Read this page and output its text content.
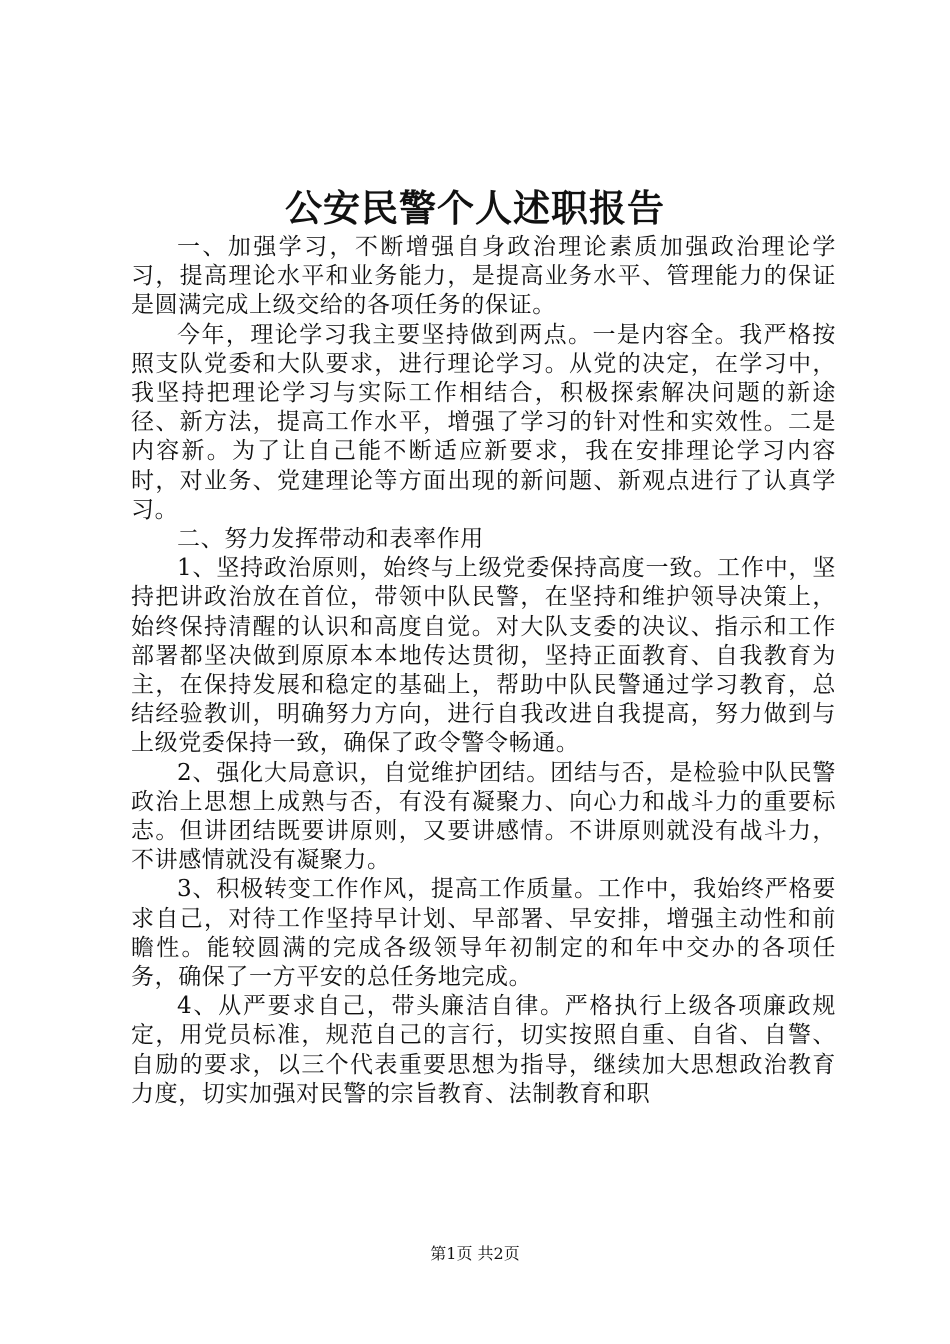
公安民警个人述职报告

一、加强学习，不断增强自身政治理论素质加强政治理论学习，提高理论水平和业务能力，是提高业务水平、管理能力的保证是圆满完成上级交给的各项任务的保证。

今年，理论学习我主要坚持做到两点。一是内容全。我严格按照支队党委和大队要求，进行理论学习。从党的决定，在学习中，我坚持把理论学习与实际工作相结合，积极探索解决问题的新途径、新方法，提高工作水平，增强了学习的针对性和实效性。二是内容新。为了让自己能不断适应新要求，我在安排理论学习内容时，对业务、党建理论等方面出现的新问题、新观点进行了认真学习。

二、努力发挥带动和表率作用

1、坚持政治原则，始终与上级党委保持高度一致。工作中，坚持把讲政治放在首位，带领中队民警，在坚持和维护领导决策上，始终保持清醒的认识和高度自觉。对大队支委的决议、指示和工作部署都坚决做到原原本本地传达贯彻，坚持正面教育、自我教育为主，在保持发展和稳定的基础上，帮助中队民警通过学习教育，总结经验教训，明确努力方向，进行自我改进自我提高，努力做到与上级党委保持一致，确保了政令警令畅通。

2、强化大局意识，自觉维护团结。团结与否，是检验中队民警政治上思想上成熟与否，有没有凝聚力、向心力和战斗力的重要标志。但讲团结既要讲原则，又要讲感情。不讲原则就没有战斗力，不讲感情就没有凝聚力。

3、积极转变工作作风，提高工作质量。工作中，我始终严格要求自己，对待工作坚持早计划、早部署、早安排，增强主动性和前瞻性。能较圆满的完成各级领导年初制定的和年中交办的各项任务，确保了一方平安的总任务地完成。

4、从严要求自己，带头廉洁自律。严格执行上级各项廉政规定，用党员标准，规范自己的言行，切实按照自重、自省、自警、自励的要求，以三个代表重要思想为指导，继续加大思想政治教育力度，切实加强对民警的宗旨教育、法制教育和职

第1页 共2页
